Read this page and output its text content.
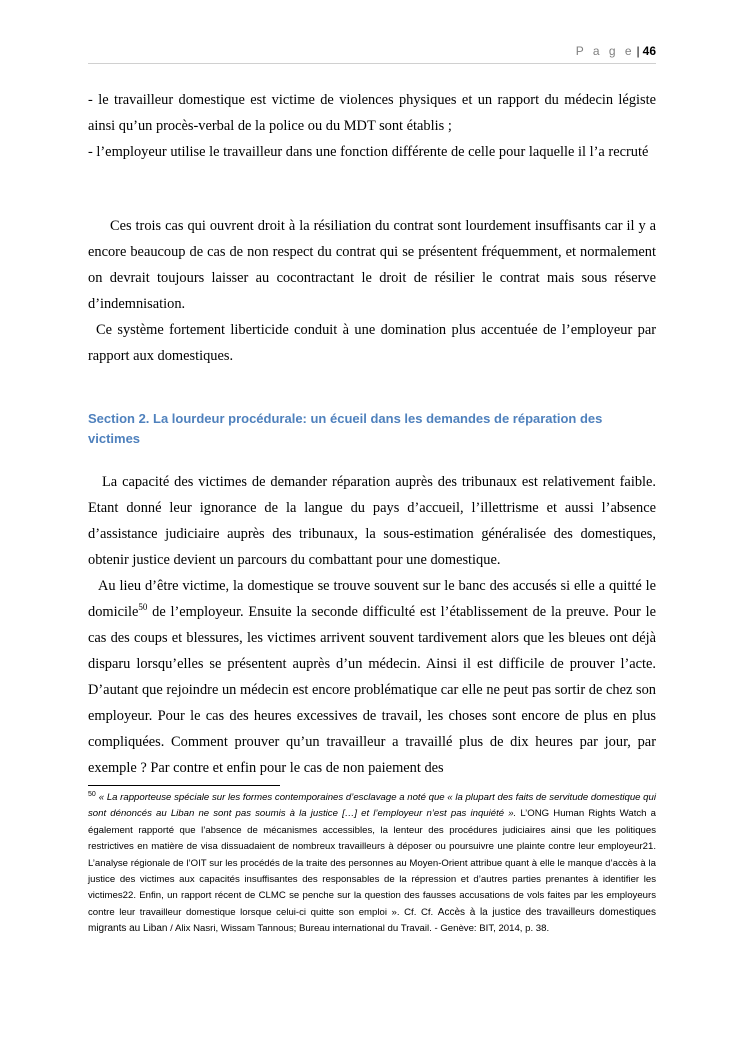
P a g e | 46

- le travailleur domestique est victime de violences physiques et un rapport du médecin légiste ainsi qu’un procès-verbal de la police ou du MDT sont établis ;

- l’employeur utilise le travailleur dans une fonction différente de celle pour laquelle il l’a recruté

Ces trois cas qui ouvrent droit à la résiliation du contrat sont lourdement insuffisants car il y a encore beaucoup de cas de non respect du contrat qui se présentent fréquemment, et normalement on devrait toujours laisser au cocontractant le droit de résilier le contrat mais sous réserve d’indemnisation.

Ce système fortement liberticide conduit à une domination plus accentuée de l’employeur par rapport aux domestiques.

Section 2. La lourdeur procédurale: un écueil dans les demandes de réparation des victimes

La capacité des victimes de demander réparation auprès des tribunaux est relativement faible. Etant donné leur ignorance de la langue du pays d’accueil, l’illettrisme et aussi l’absence d’assistance judiciaire auprès des tribunaux, la sous-estimation généralisée des domestiques, obtenir justice devient un parcours du combattant pour une domestique.

Au lieu d’être victime, la domestique se trouve souvent sur le banc des accusés si elle a quitté le domicile$^{50}$ de l’employeur. Ensuite la seconde difficulté est l’établissement de la preuve. Pour le cas des coups et blessures, les victimes arrivent souvent tardivement alors que les bleues ont déjà disparu lorsqu’elles se présentent auprès d’un médecin. Ainsi il est difficile de prouver l’acte. D’autant que rejoindre un médecin est encore problématique car elle ne peut pas sortir de chez son employeur. Pour le cas des heures excessives de travail, les choses sont encore de plus en plus compliquées. Comment prouver qu’un travailleur a travaillé plus de dix heures par jour, par exemple ? Par contre et enfin pour le cas de non paiement des

$^{50}$ « La rapporteuse spéciale sur les formes contemporaines d’esclavage a noté que « la plupart des faits de servitude domestique qui sont dénoncés au Liban ne sont pas soumis à la justice […] et l’employeur n’est pas inquiété ». L’ONG Human Rights Watch a également rapporté que l’absence de mécanismes accessibles, la lenteur des procédures judiciaires ainsi que les politiques restrictives en matière de visa dissuadaient de nombreux travailleurs à déposer ou poursuivre une plainte contre leur employeur21. L’analyse régionale de l’OIT sur les procédés de la traite des personnes au Moyen-Orient attribue quant à elle le manque d’accès à la justice des victimes aux capacités insuffisantes des responsables de la répression et d’autres parties prenantes à identifier les victimes22. Enfin, un rapport récent de CLMC se penche sur la question des fausses accusations de vols faites par les employeurs contre leur travailleur domestique lorsque celui-ci quitte son emploi ». Cf. Cf. Accès à la justice des travailleurs domestiques migrants au Liban / Alix Nasri, Wissam Tannous; Bureau international du Travail. - Genève: BIT, 2014, p. 38.
